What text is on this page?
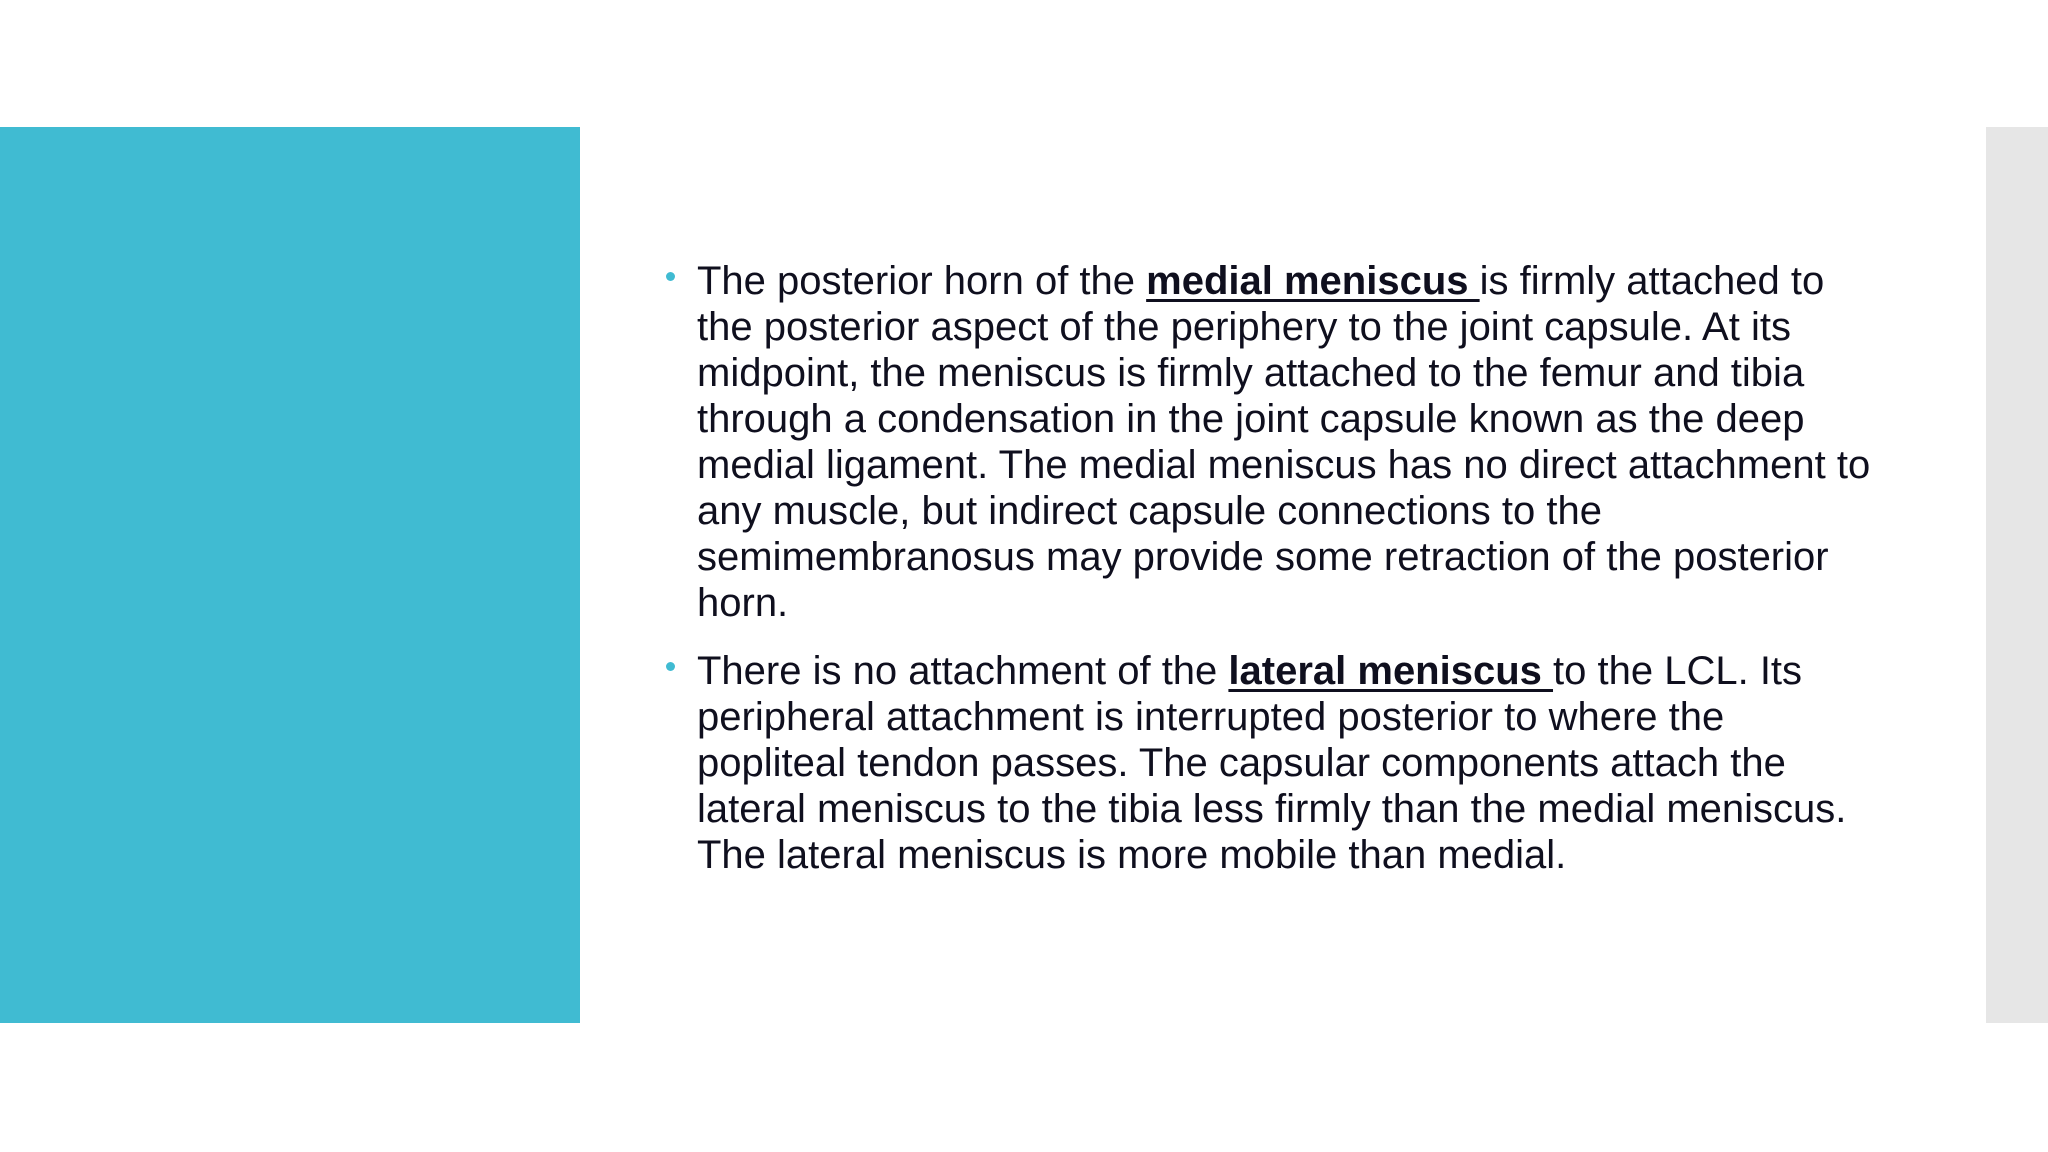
The posterior horn of the medial meniscus is firmly attached to the posterior aspect of the periphery to the joint capsule. At its midpoint, the meniscus is firmly attached to the femur and tibia through a condensation in the joint capsule known as the deep medial ligament. The medial meniscus has no direct attachment to any muscle, but indirect capsule connections to the semimembranosus may provide some retraction of the posterior horn.

There is no attachment of the lateral meniscus to the LCL. Its peripheral attachment is interrupted posterior to where the popliteal tendon passes. The capsular components attach the lateral meniscus to the tibia less firmly than the medial meniscus. The lateral meniscus is more mobile than medial.
